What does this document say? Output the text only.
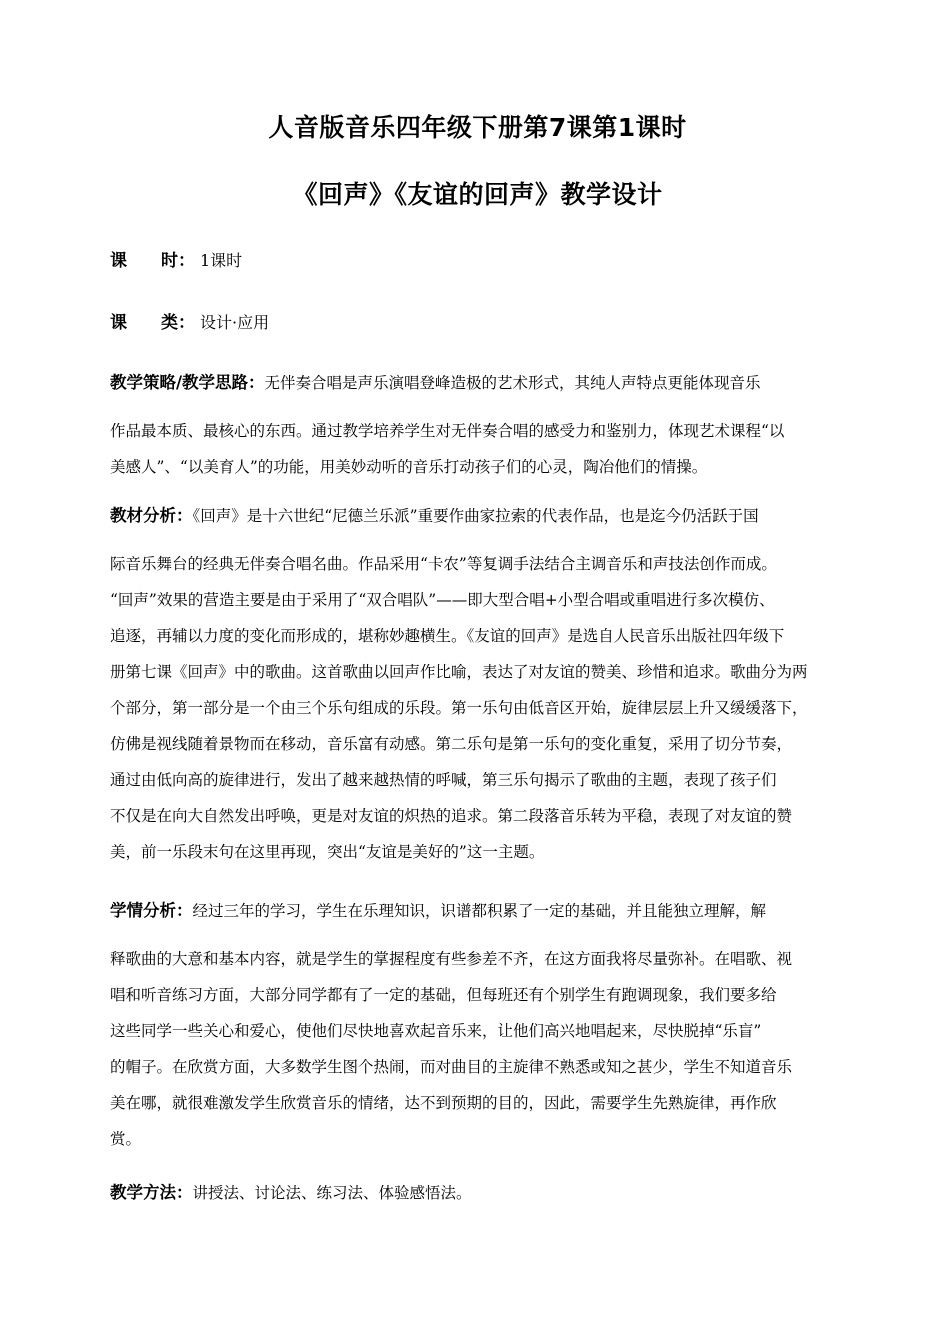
人音版音乐四年级下册第7课第1课时
《回声》《友谊的回声》教学设计
课　　时： 1课时
课　　类： 设计·应用
教学策略/教学思路：无伴奏合唱是声乐演唱登峰造极的艺术形式，其纯人声特点更能体现音乐
作品最本质、最核心的东西。通过教学培养学生对无伴奏合唱的感受力和鉴别力，体现艺术课程“以
美感人”、“以美育人”的功能，用美妙动听的音乐打动孩子们的心灵，陶冶他们的情操。
教材分析：《回声》是十六世纪“尼德兰乐派”重要作曲家拉索的代表作品，也是迄今仍活跃于国
际音乐舞台的经典无伴奏合唱名曲。作品采用“卡农”等复调手法结合主调音乐和声技法创作而成。
“回声”效果的营造主要是由于采用了“双合唱队”——即大型合唱+小型合唱或重唱进行多次模仿、
追逐，再辅以力度的变化而形成的，堪称妙趣横生。《友谊的回声》是选自人民音乐出版社四年级下
册第七课《回声》中的歌曲。这首歌曲以回声作比喻，表达了对友谊的赞美、珍惜和追求。歌曲分为两
个部分，第一部分是一个由三个乐句组成的乐段。第一乐句由低音区开始，旋律层层上升又缓缓落下，
仿佛是视线随着景物而在移动，音乐富有动感。第二乐句是第一乐句的变化重复，采用了切分节奏，
通过由低向高的旋律进行，发出了越来越热情的呼喊，第三乐句揭示了歌曲的主题，表现了孩子们
不仅是在向大自然发出呼唤，更是对友谊的炽热的追求。第二段落音乐转为平稳，表现了对友谊的赞
美，前一乐段末句在这里再现，突出“友谊是美好的”这一主题。
学情分析：经过三年的学习，学生在乐理知识，识谱都积累了一定的基础，并且能独立理解，解
释歌曲的大意和基本内容，就是学生的掌握程度有些参差不齐，在这方面我将尽量弥补。在唱歌、视
唱和听音练习方面，大部分同学都有了一定的基础，但每班还有个别学生有跑调现象，我们要多给
这些同学一些关心和爱心，使他们尽快地喜欢起音乐来，让他们高兴地唱起来，尽快脱掉“乐盲”
的帽子。在欣赏方面，大多数学生图个热闹，而对曲目的主旋律不熟悉或知之甚少，学生不知道音乐
美在哪，就很难激发学生欣赏音乐的情绪，达不到预期的目的，因此，需要学生先熟旋律，再作欣
赏。
教学方法：讲授法、讨论法、练习法、体验感悟法。
